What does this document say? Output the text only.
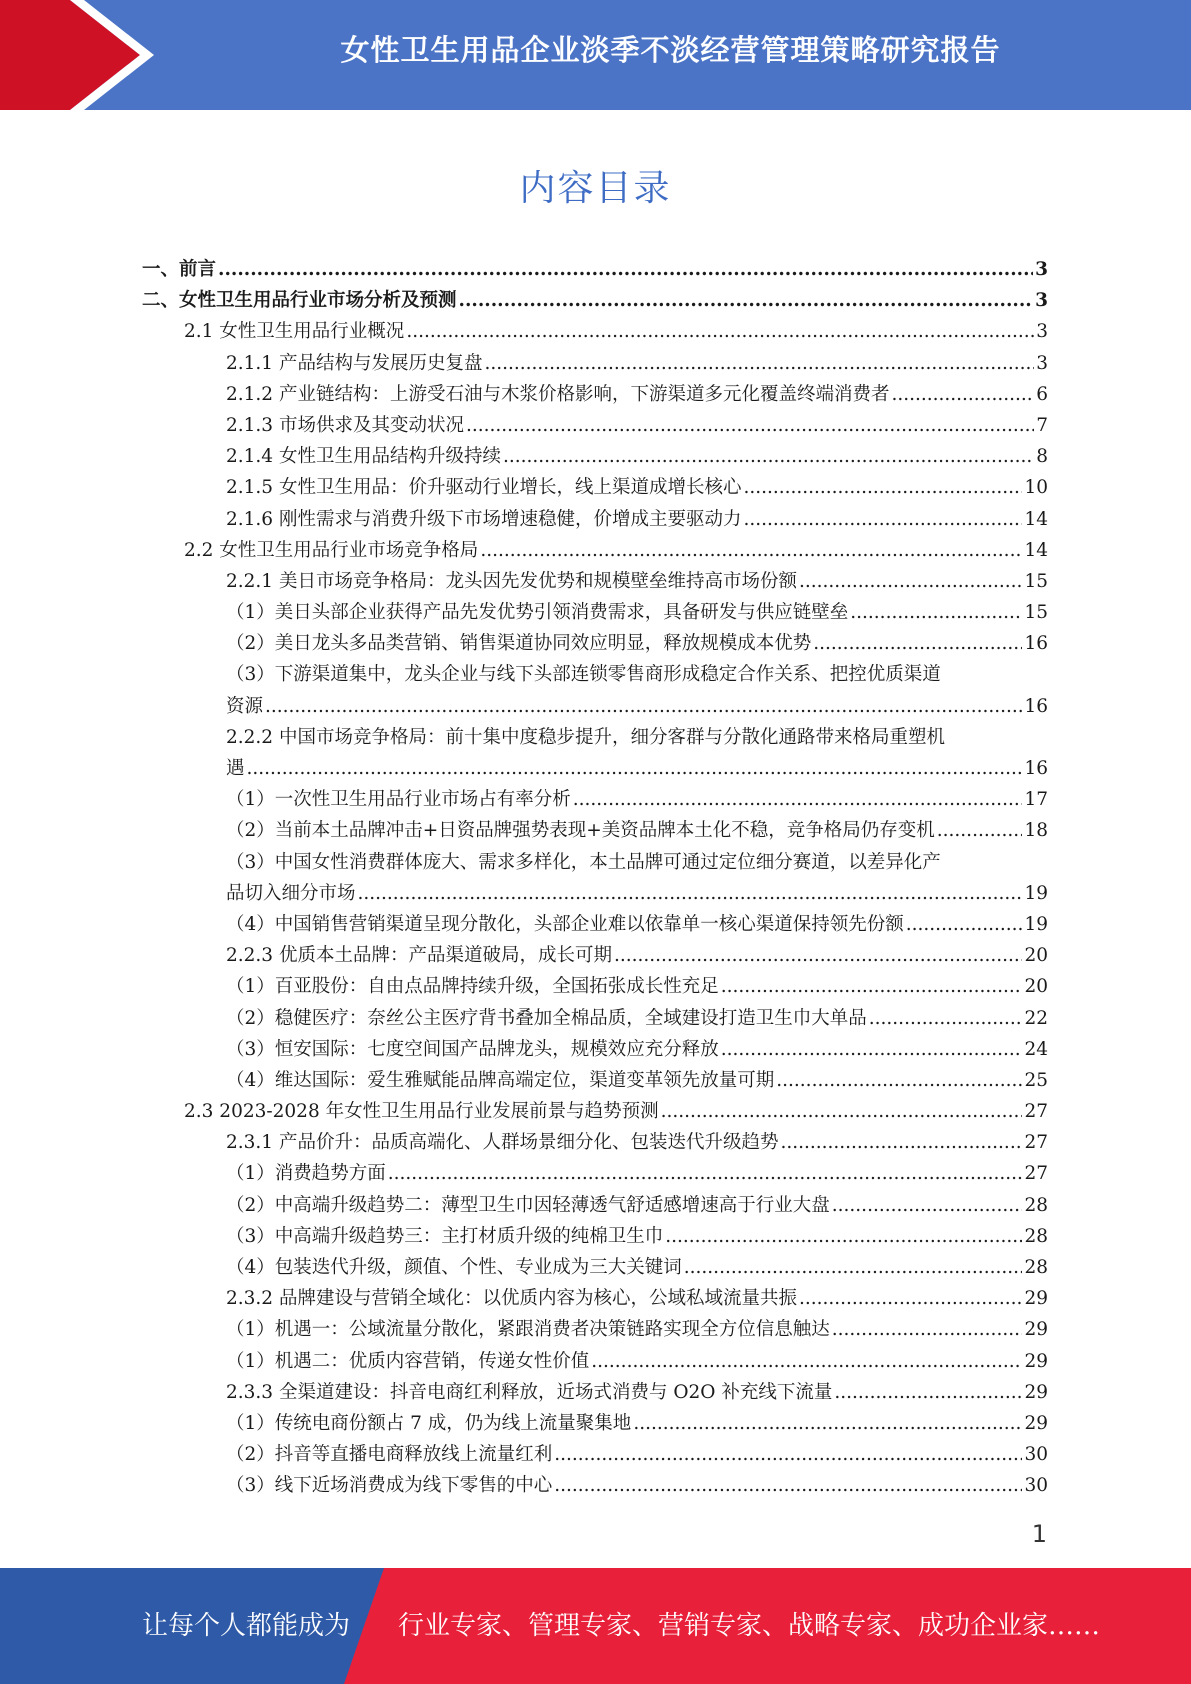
女性卫生用品企业淡季不淡经营管理策略研究报告
内容目录
一、前言 .....	3
二、女性卫生用品行业市场分析及预测 .....	3
2.1 女性卫生用品行业概况 .....	3
2.1.1 产品结构与发展历史复盘 .....	3
2.1.2 产业链结构：上游受石油与木浆价格影响，下游渠道多元化覆盖终端消费者 .....	6
2.1.3 市场供求及其变动状况 .....	7
2.1.4 女性卫生用品结构升级持续 .....	8
2.1.5 女性卫生用品：价升驱动行业增长，线上渠道成增长核心 .....	10
2.1.6 刚性需求与消费升级下市场增速稳健，价增成主要驱动力 .....	14
2.2 女性卫生用品行业市场竞争格局 .....	14
2.2.1 美日市场竞争格局：龙头因先发优势和规模壁垒维持高市场份额 .....	15
（1）美日头部企业获得产品先发优势引领消费需求，具备研发与供应链壁垒 .....	15
（2）美日龙头多品类营销、销售渠道协同效应明显，释放规模成本优势 .....	16
（3）下游渠道集中，龙头企业与线下头部连锁零售商形成稳定合作关系、把控优质渠道
资源 .....	16
2.2.2 中国市场竞争格局：前十集中度稳步提升，细分客群与分散化通路带来格局重塑机
遇 .....	16
（1）一次性卫生用品行业市场占有率分析 .....	17
（2）当前本土品牌冲击+日资品牌强势表现+美资品牌本土化不稳，竞争格局仍存变机 .....	18
（3）中国女性消费群体庞大、需求多样化，本土品牌可通过定位细分赛道，以差异化产
品切入细分市场 .....	19
（4）中国销售营销渠道呈现分散化，头部企业难以依靠单一核心渠道保持领先份额 .....	19
2.2.3 优质本土品牌：产品渠道破局，成长可期 .....	20
（1）百亚股份：自由点品牌持续升级，全国拓张成长性充足 .....	20
（2）稳健医疗：奈丝公主医疗背书叠加全棉品质，全域建设打造卫生巾大单品 .....	22
（3）恒安国际：七度空间国产品牌龙头，规模效应充分释放 .....	24
（4）维达国际：爱生雅赋能品牌高端定位，渠道变革领先放量可期 .....	25
2.3 2023-2028 年女性卫生用品行业发展前景与趋势预测 .....	27
2.3.1 产品价升：品质高端化、人群场景细分化、包装迭代升级趋势 .....	27
（1）消费趋势方面 .....	27
（2）中高端升级趋势二：薄型卫生巾因轻薄透气舒适感增速高于行业大盘 .....	28
（3）中高端升级趋势三：主打材质升级的纯棉卫生巾 .....	28
（4）包装迭代升级，颜值、个性、专业成为三大关键词 .....	28
2.3.2 品牌建设与营销全域化：以优质内容为核心，公域私域流量共振 .....	29
（1）机遇一：公域流量分散化，紧跟消费者决策链路实现全方位信息触达 .....	29
（1）机遇二：优质内容营销，传递女性价值 .....	29
2.3.3 全渠道建设：抖音电商红利释放，近场式消费与 O2O 补充线下流量 .....	29
（1）传统电商份额占 7 成，仍为线上流量聚集地 .....	29
（2）抖音等直播电商释放线上流量红利 .....	30
（3）线下近场消费成为线下零售的中心 .....	30
1
让每个人都能成为 行业专家、管理专家、营销专家、战略专家、成功企业家……
